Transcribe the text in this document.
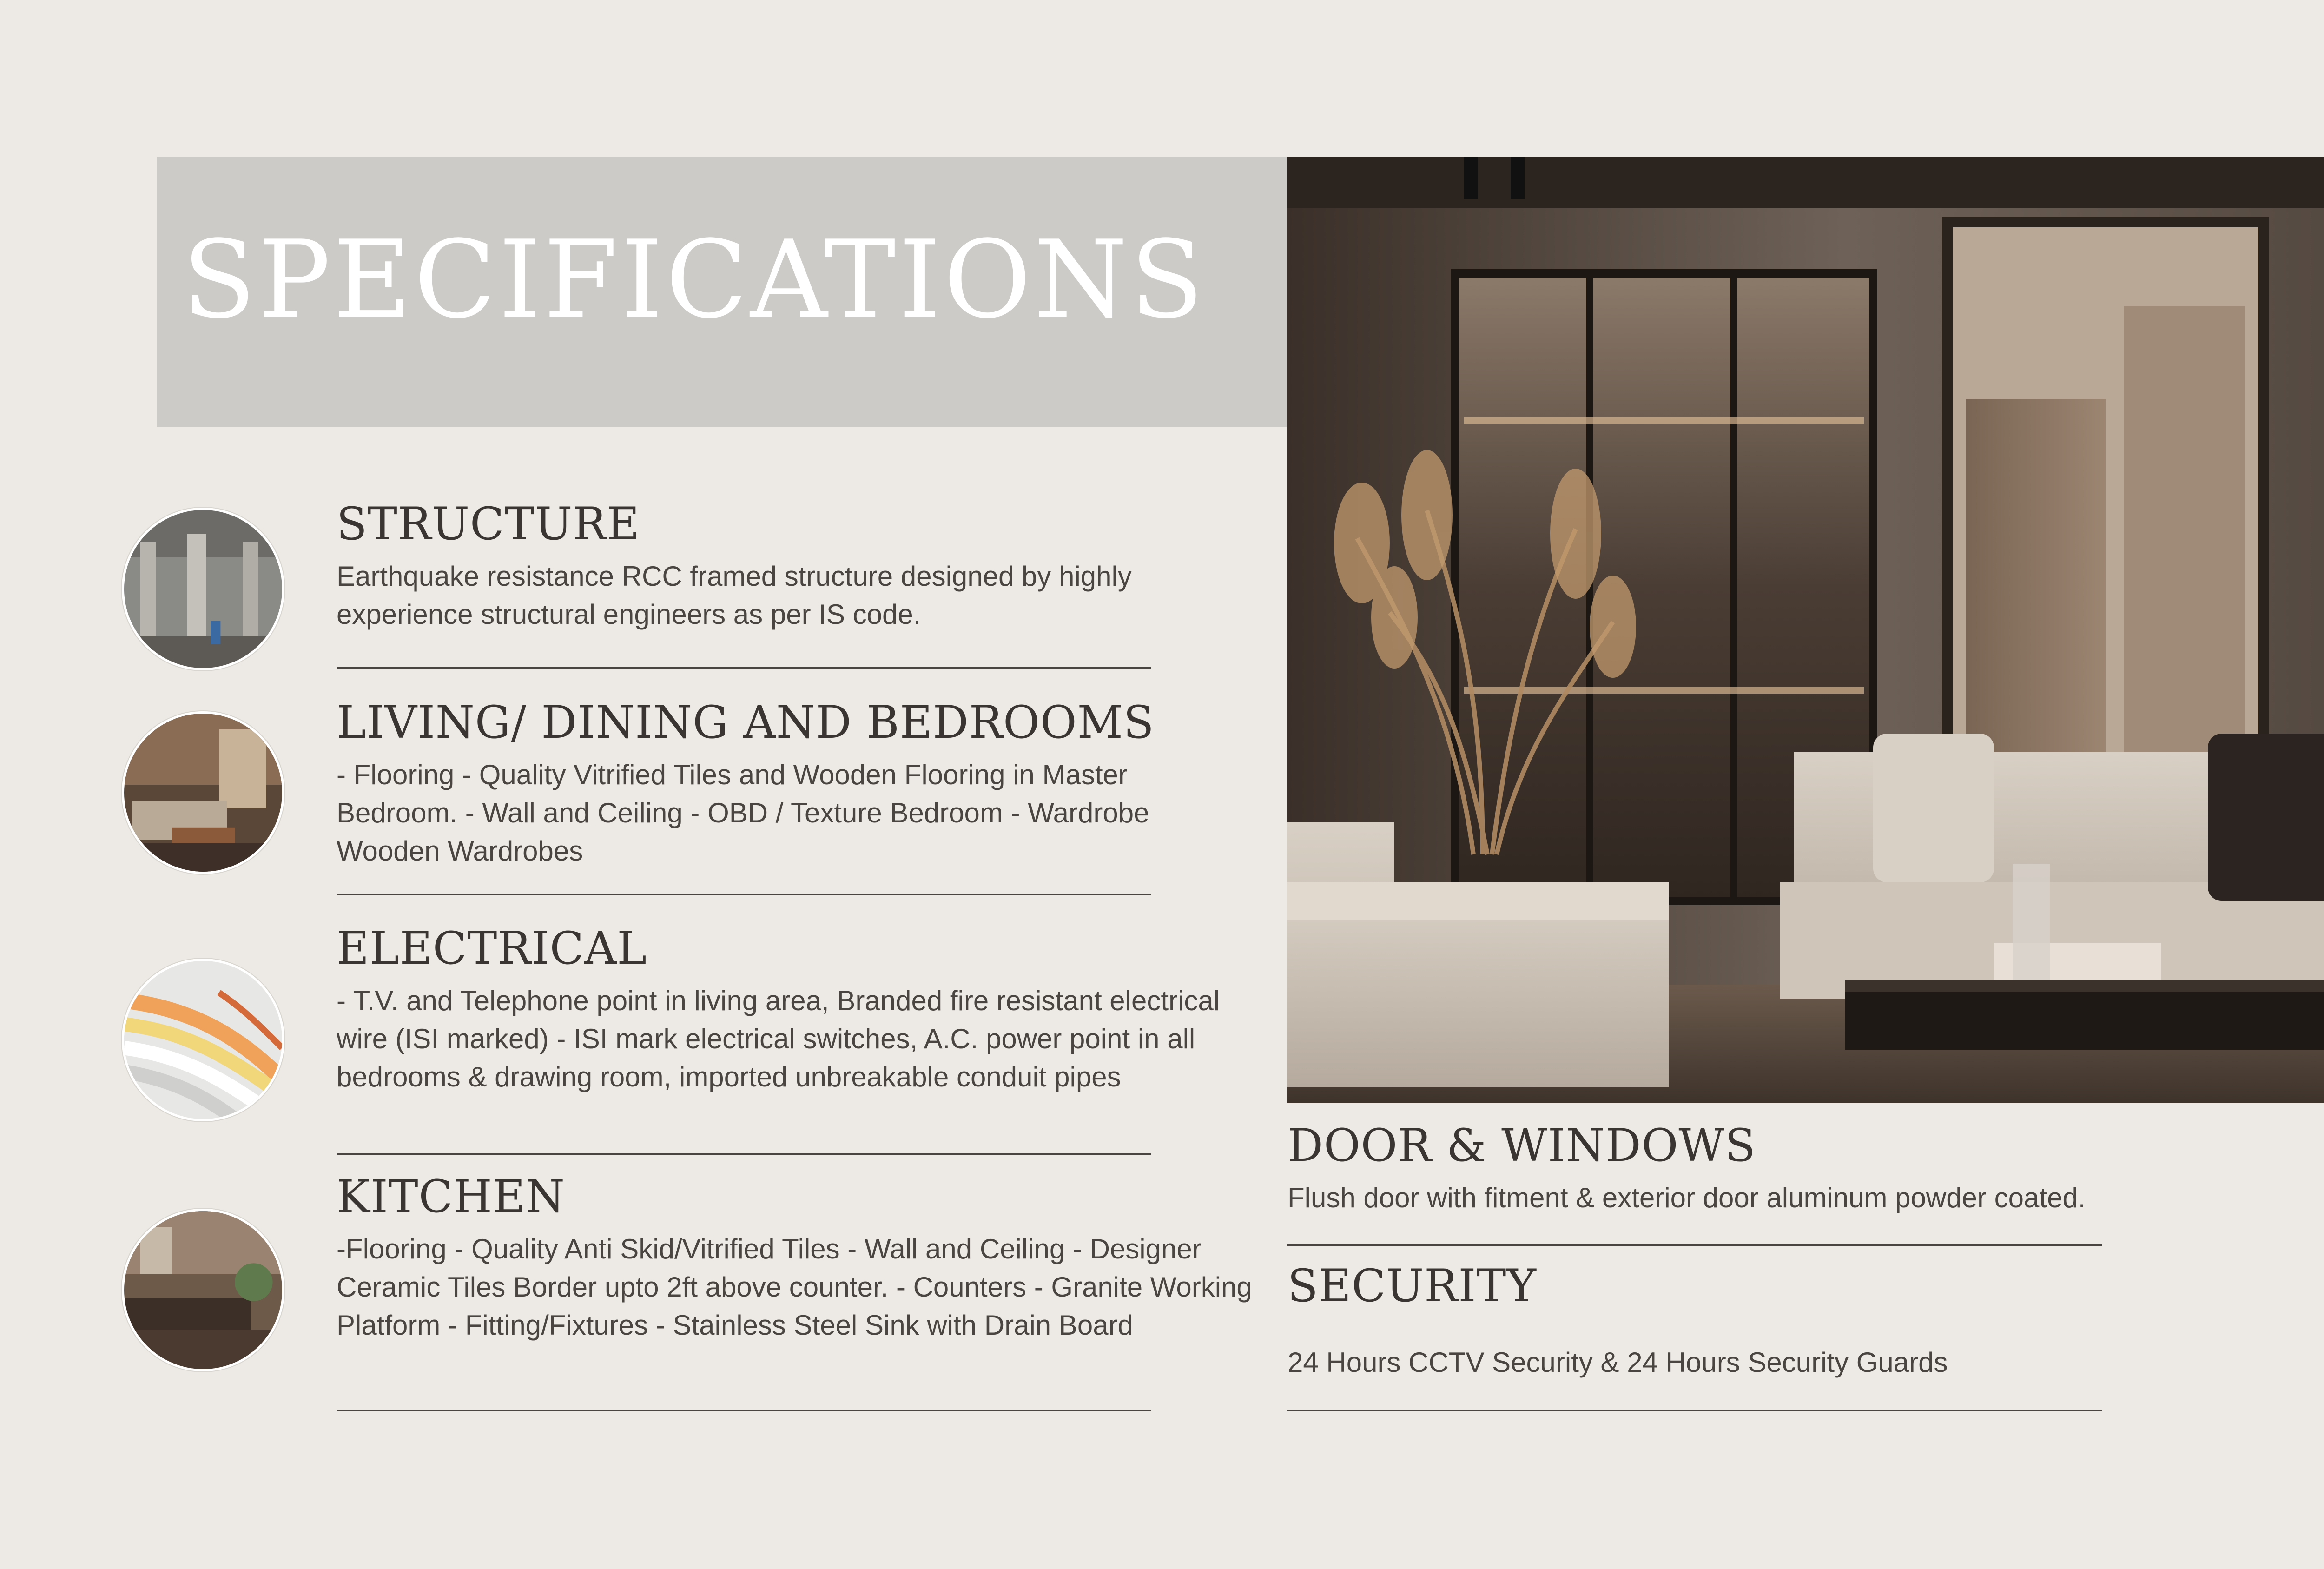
SPECIFICATIONS
STRUCTURE

Earthquake resistance RCC framed structure designed by highly experience structural engineers as per IS code.

LIVING/ DINING AND BEDROOMS

- Flooring - Quality Vitrified Tiles and Wooden Flooring in Master Bedroom. - Wall and Ceiling - OBD / Texture Bedroom - Wardrobe Wooden Wardrobes

ELECTRICAL

- T.V. and Telephone point in living area, Branded fire resistant electrical wire (ISI marked) - ISI mark electrical switches, A.C. power point in all bedrooms & drawing room, imported unbreakable conduit pipes

KITCHEN

-Flooring - Quality Anti Skid/Vitrified Tiles - Wall and Ceiling - Designer Ceramic Tiles Border upto 2ft above counter. - Counters - Granite Working Platform - Fitting/Fixtures - Stainless Steel Sink with Drain Board

DOOR & WINDOWS

Flush door with fitment & exterior door aluminum powder coated.

SECURITY

24 Hours CCTV Security & 24 Hours Security Guards
